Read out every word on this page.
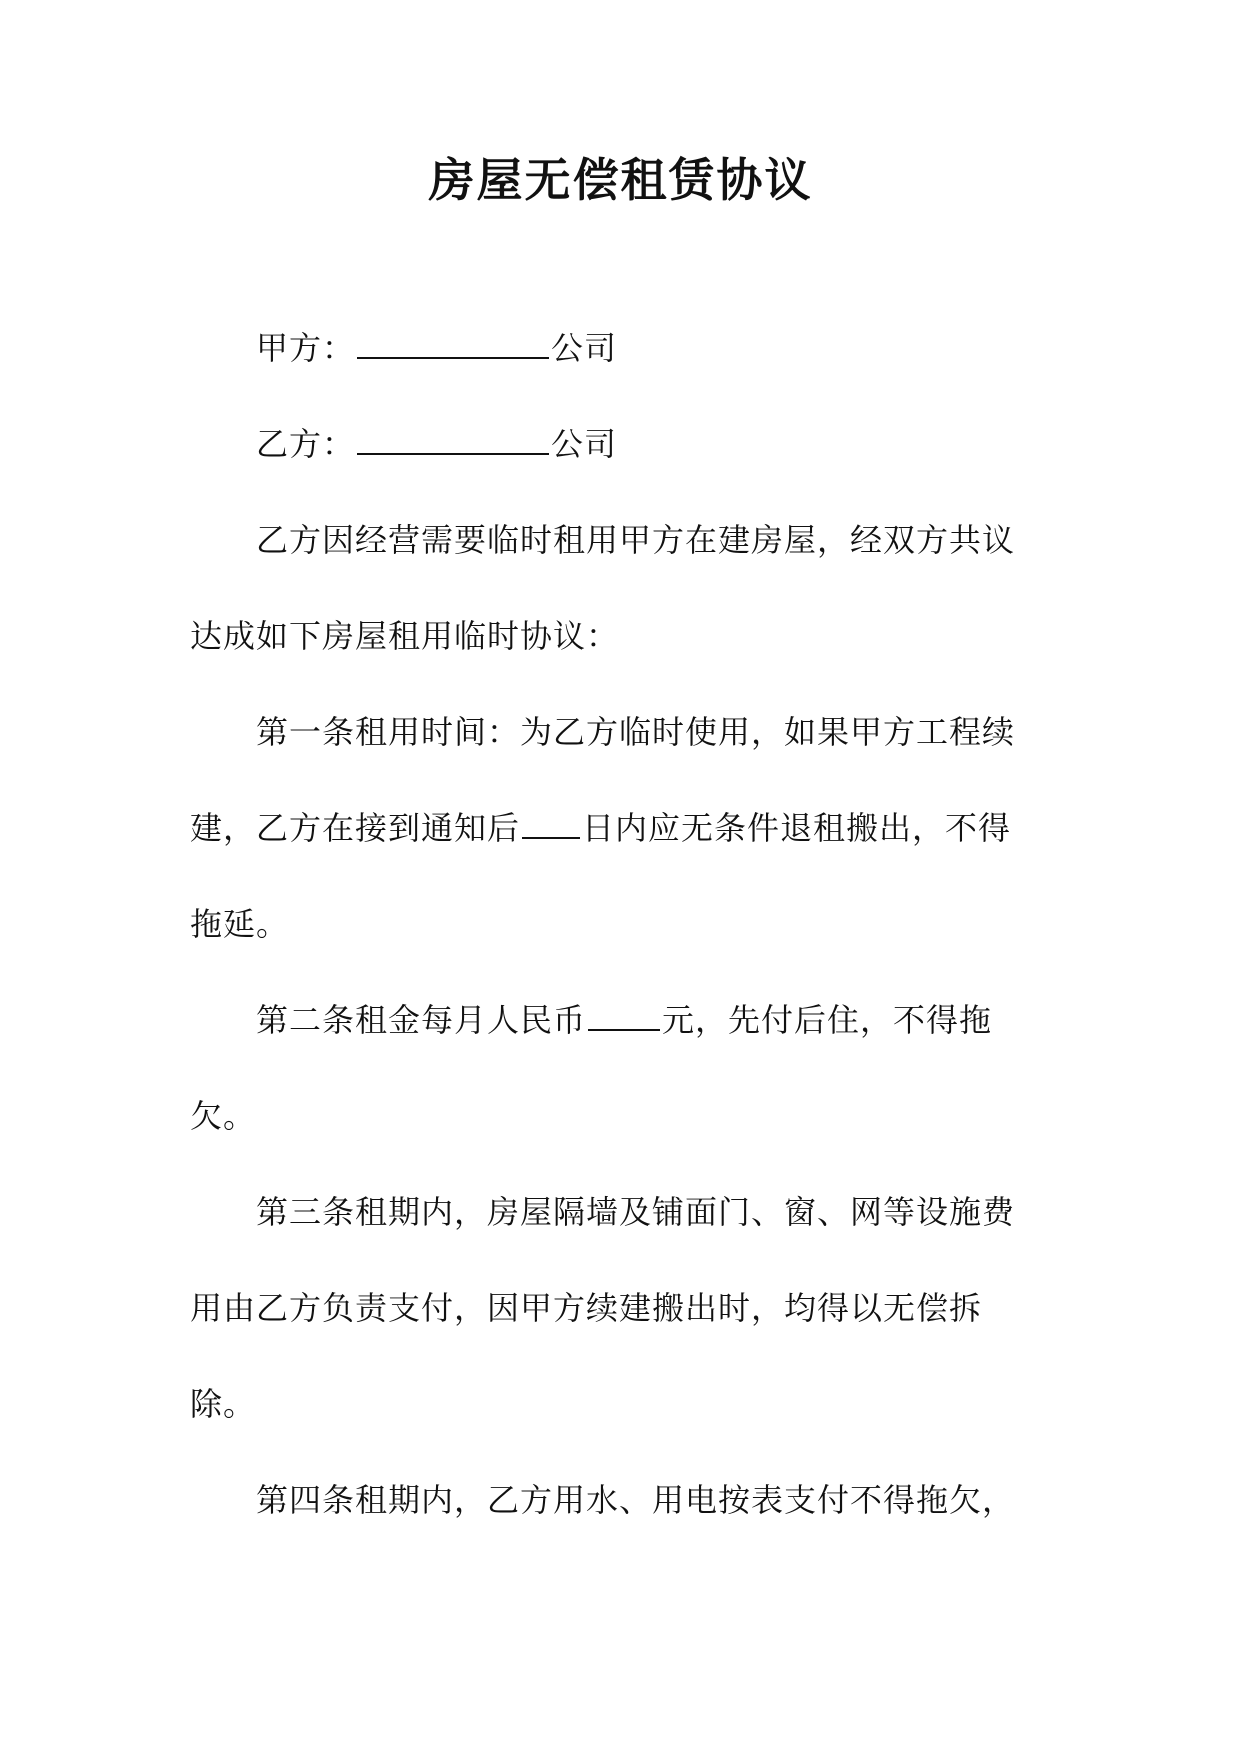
房屋无偿租赁协议

甲方：	公司

乙方：	公司

乙方因经营需要临时租用甲方在建房屋，经双方共议达成如下房屋租用临时协议：

第一条租用时间：为乙方临时使用，如果甲方工程续建，乙方在接到通知后 日内应无条件退租搬出，不得拖延。

第二条租金每月人民币 元，先付后住，不得拖欠。

第三条租期内，房屋隔墙及铺面门、窗、网等设施费用由乙方负责支付，因甲方续建搬出时，均得以无偿拆除。

第四条租期内，乙方用水、用电按表支付不得拖欠，
